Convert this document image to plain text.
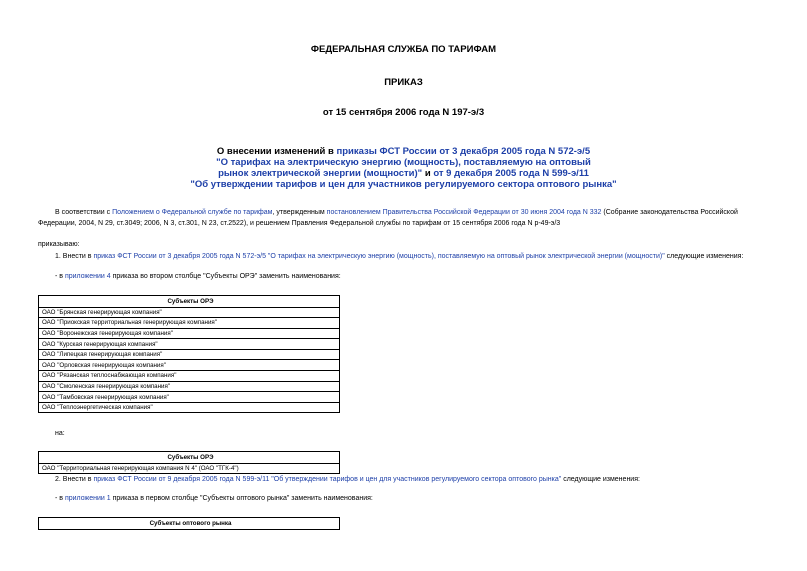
ФЕДЕРАЛЬНАЯ СЛУЖБА ПО ТАРИФАМ
ПРИКАЗ
от 15 сентября 2006 года N 197-э/3
О внесении изменений в приказы ФСТ России от 3 декабря 2005 года N 572-э/5
"О тарифах на электрическую энергию (мощность), поставляемую на оптовый
рынок электрической энергии (мощности)" и от 9 декабря 2005 года N 599-э/11
"Об утверждении тарифов и цен для участников регулируемого сектора оптового рынка"
В соответствии с Положением о Федеральной службе по тарифам, утвержденным постановлением Правительства Российской Федерации от 30 июня 2004 года N 332 (Собрание законодательства Российской
Федерации, 2004, N 29, ст.3049; 2006, N 3, ст.301, N 23, ст.2522), и решением Правления Федеральной службы по тарифам от 15 сентября 2006 года N р-49-э/3
приказываю:
1. Внести в приказ ФСТ России от 3 декабря 2005 года N 572-э/5 "О тарифах на электрическую энергию (мощность), поставляемую на оптовый рынок электрической энергии (мощности)" следующие изменения:
- в приложении 4 приказа во втором столбце "Субъекты ОРЭ" заменить наименования:
Субъекты ОРЭ
ОАО "Брянская генерирующая компания"
ОАО "Приокская территориальная генерирующая компания"
ОАО "Воронежская генерирующая компания"
ОАО "Курская генерирующая компания"
ОАО "Липецкая генерирующая компания"
ОАО "Орловская генерирующая компания"
ОАО "Рязанская теплоснабжающая компания"
ОАО "Смоленская генерирующая компания"
ОАО "Тамбовская генерирующая компания"
ОАО "Теплоэнергетическая компания"
на:
Субъекты ОРЭ
ОАО "Территориальная генерирующая компания N 4" (ОАО "ТГК-4")
2. Внести в приказ ФСТ России от 9 декабря 2005 года N 599-э/11 "Об утверждении тарифов и цен для участников регулируемого сектора оптового рынка" следующие изменения:
- в приложении 1 приказа в первом столбце "Субъекты оптового рынка" заменить наименования:
Субъекты оптового рынка
